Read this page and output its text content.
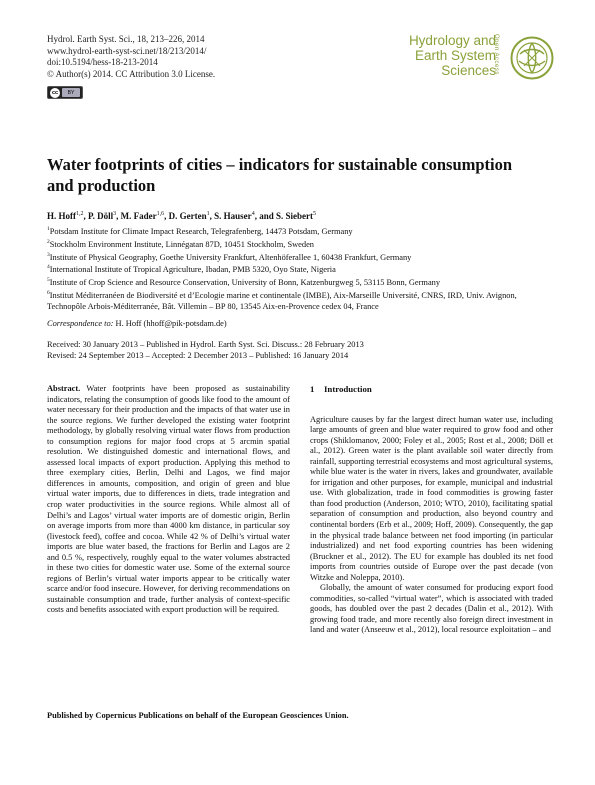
Hydrol. Earth Syst. Sci., 18, 213–226, 2014
www.hydrol-earth-syst-sci.net/18/213/2014/
doi:10.5194/hess-18-213-2014
© Author(s) 2014. CC Attribution 3.0 License.
cc	BY
Hydrology and
Earth System
Sciences
Open Access
Water footprints of cities – indicators for sustainable consumption
and production
H. Hoff$^{1,2}$, P. Döll$^3$, M. Fader$^{1,6}$, D. Gerten$^1$, S. Hauser$^4$, and S. Siebert$^5$
$^1$Potsdam Institute for Climate Impact Research, Telegrafenberg, 14473 Potsdam, Germany
$^2$Stockholm Environment Institute, Linnégatan 87D, 10451 Stockholm, Sweden
$^3$Institute of Physical Geography, Goethe University Frankfurt, Altenhöferallee 1, 60438 Frankfurt, Germany
$^4$International Institute of Tropical Agriculture, Ibadan, PMB 5320, Oyo State, Nigeria
$^5$Institute of Crop Science and Resource Conservation, University of Bonn, Katzenburgweg 5, 53115 Bonn, Germany
$^6$Institut Méditerranéen de Biodiversité et d’Ecologie marine et continentale (IMBE), Aix-Marseille Université, CNRS, IRD, Univ. Avignon, Technopôle Arbois-Méditerranée, Bât. Villemin – BP 80, 13545 Aix-en-Provence cedex 04, France
Correspondence to: H. Hoff (hhoff@pik-potsdam.de)
Received: 30 January 2013 – Published in Hydrol. Earth Syst. Sci. Discuss.: 28 February 2013
Revised: 24 September 2013 – Accepted: 2 December 2013 – Published: 16 January 2014

Abstract. Water footprints have been proposed as sustainability indicators, relating the consumption of goods like food to the amount of water necessary for their production and the impacts of that water use in the source regions. We further developed the existing water footprint methodology, by globally resolving virtual water flows from production to consumption regions for major food crops at 5 arcmin spatial resolution. We distinguished domestic and international flows, and assessed local impacts of export production. Applying this method to three exemplary cities, Berlin, Delhi and Lagos, we find major differences in amounts, composition, and origin of green and blue virtual water imports, due to differences in diets, trade integration and crop water productivities in the source regions. While almost all of Delhi’s and Lagos’ virtual water imports are of domestic origin, Berlin on average imports from more than 4000 km distance, in particular soy (livestock feed), coffee and cocoa. While 42 % of Delhi’s virtual water imports are blue water based, the fractions for Berlin and Lagos are 2 and 0.5 %, respectively, roughly equal to the water volumes abstracted in these two cities for domestic water use. Some of the external source regions of Berlin’s virtual water imports appear to be critically water scarce and/or food insecure. However, for deriving recommendations on sustainable consumption and trade, further analysis of context-specific costs and benefits associated with export production will be required.

1 Introduction

Agriculture causes by far the largest direct human water use, including large amounts of green and blue water required to grow food and other crops (Shiklomanov, 2000; Foley et al., 2005; Rost et al., 2008; Döll et al., 2012). Green water is the plant available soil water directly from rainfall, supporting terrestrial ecosystems and most agricultural systems, while blue water is the water in rivers, lakes and groundwater, available for irrigation and other purposes, for example, municipal and industrial use. With globalization, trade in food commodities is growing faster than food production (Anderson, 2010; WTO, 2010), facilitating spatial separation of consumption and production, also beyond country and continental borders (Erb et al., 2009; Hoff, 2009). Consequently, the gap in the physical trade balance between net food importing (in particular industrialized) and net food exporting countries has been widening (Bruckner et al., 2012). The EU for example has doubled its net food imports from countries outside of Europe over the past decade (von Witzke and Noleppa, 2010).

Globally, the amount of water consumed for producing export food commodities, so-called “virtual water”, which is associated with traded goods, has doubled over the past 2 decades (Dalin et al., 2012). With growing food trade, and more recently also foreign direct investment in land and water (Anseeuw et al., 2012), local resource exploitation – and

Published by Copernicus Publications on behalf of the European Geosciences Union.
